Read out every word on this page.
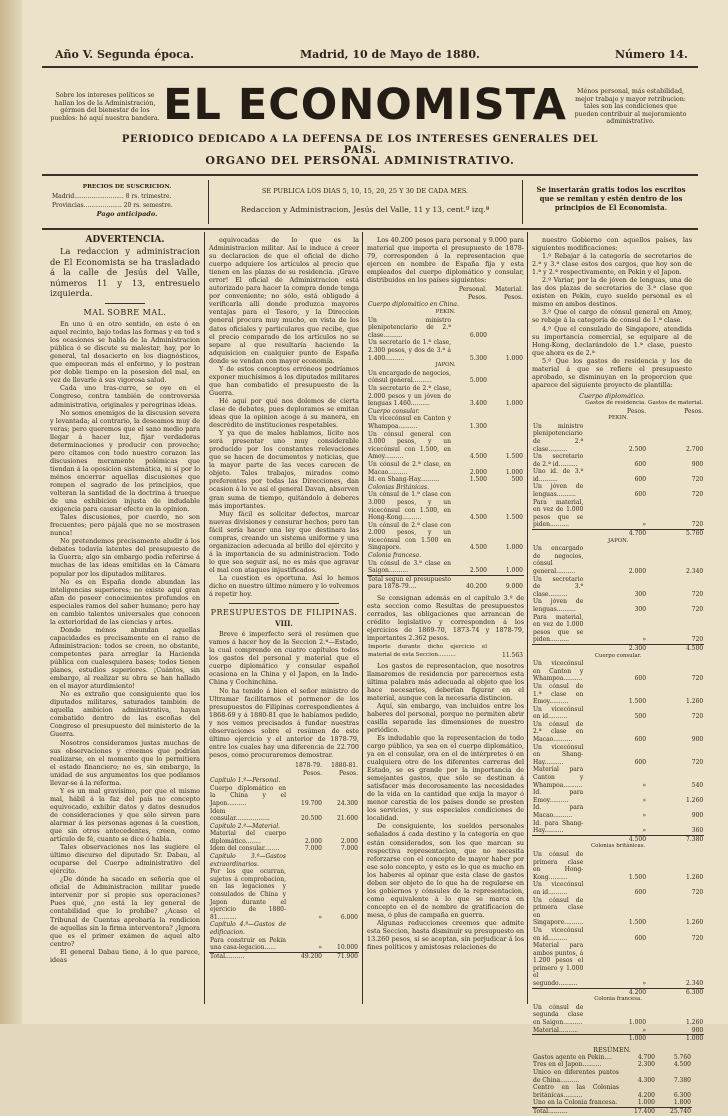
Año V. Segunda época.	Madrid, 10 de Mayo de 1880.	Número 14.
Sobre los intereses políticos se hallan los de la Administración, gérmen del bienestar de los pueblos: hé aquí nuestra bandera.
Ménos personal, más estabilidad, mejor trabajo y mayor retribucion: tales son las condiciones que pueden contribuir al mejoramiento administrativo.
EL ECONOMISTA
PERIODICO DEDICADO A LA DEFENSA DE LOS INTERESES GENERALES DEL PAIS.
ORGANO DEL PERSONAL ADMINISTRATIVO.
PRECIOS DE SUSCRICION.
Madrid.......................... 8 rs. trimestre.
Provincias.................... 20 rs. semestre.
Pago anticipado.
SE PUBLICA LOS DIAS 5, 10, 15, 20, 25 Y 30 DE CADA MES.
Redaccion y Administracion, Jesús del Valle, 11 y 13, cent.º izq.ª
Se insertarán gratis todos los escritos que se remitan y estén dentro de los principios de El Economista.
ADVERTENCIA.
La redaccion y administracion de El Economista se ha trasladado á la calle de Jesús del Valle, números 11 y 13, entresuelo izquierda.
MAL SOBRE MAL.

En uno ú en otro sentido, en este ó en aquel recinto, bajo todas las formas y en tod s los ocasiones se habla de la Administracion pública ó se discute su malestar, hay, por lo general, tal desacierto en los diagnósticos, que empeoran más el enfermo, y lo postran por doble tiempo en la posesion del mal, en vez de llevarle á sus vigorosa salud.

Cada uno tras-curre, se oye en el Congreso, contra también de controversia administrativa, originales y peregrinas ideas.

No somos enemigos de la discusion severa y levantada; al contrario, la deseamos muy de veras; pero queremos que el sano medio para llegar á hacer luz, fijar verdaderas determinaciones y producir con provecho; pero cítamos con todo nuestro corazon las discusiones meramente polémicas que tiendan á la oposicion sistemática, ni sí por lo ménos encerrar aquellas discusiones que rompen el sagrado de los principios, que volteran la santidad de la doctrina á trueque de una exhibicion injusta de indudable exigencia para causar efecto en la opinion.

Tales discusiones, por cuerdo, no son frecuentes; pero pájalá que no se mostrasen nunca!

No pretendemos precisamente aludir á los debates todavía latentes del presupuesto de la Guerra; algo sin embargo podía referirse á muchas de las ideas emitidas en la Cámara popular por los diputados militares.

No es en España donde abundan las inteligencias superiores; no existe aquí gran afan de poseer conocimientos profundos en especiales ramos del saber humano; pero hay en cambio talentos universales que conocen la exterioridad de las ciencias y artes.

Donde ménos abundan aquellas capacidades es precisamente en el ramo de Administracion: todos se creen, no obstante, competentes para arreglar la Hacienda pública con cualesquiera bases; todos tienen planes, estudios superiores. ¡Cuántos, sin embargo, al realizar su obra se han hallado en el mayor aturdimiento!

No es extraño que consiguiente que los diputados militares, saturados también de aquella ambicion administrativa, hayan combatido dentro de las escoñas del Congreso el presupuesto del ministerio de la Guerra.

Nosotros consideramos justas muchas de sus observaciones y creemos que podrían realizarse, en el momento que lo permitiera el estado financiero; no es, sin embargo, la unidad de sus argumentos los que podíamos llevar-se á la reforma.

Y es un mal gravísimo, por que el mismo mal, hábil á la faz del país no concepto equivocado, exhibir datos y datos desnudos de consideraciones y que sólo sirven para alarmar á las personas agenas á la cuestion, que sin otros antecedentes, creen, como artículo de fé, cuanto se dice ó habla.

Tales observaciones nos las sugiere el último discurso del diputado Sr. Dabau, al ocuparse del Cuerpo administrativo del ejército.

¿De dónde ha sacado en señoría que el oficial de Administracion militar puede intervenir por sí propio sus operaciones? Pues qué, ¿no está la ley general de contabilidad que lo prohíbe? ¿Acaso el Tribunal de Cuentas aprobaría la rendicion de aquellas sin la firma interventora? ¿Ignora que es el primer exámen de aquel alto centro?

El general Dabau tiene, á lo que parece, ideas

equivocadas de lo que es la Administracion militar. Así le induce á creer su declaracion de que el oficial de dicho cuerpo adquiere los artículos al precio que tienen en las plazas de su residencia. ¡Grave error! El oficial de Administracion está autorizado para hacer la compra donde tenga por conveniente; no sólo, está obligado á verificarla allí donde produzca mayores ventajas para el Tesoro, y la Direccion general procura muy mucho, en vista de los datos oficiales y particulares que recibe, que el precio comparado de los artículos no se separe al que resultaría haciendo la adquisicion en cualquier punto de España donde se vendan con mayor economía.

Y de estos conceptos erróneos podríamos exponer muchísimos á los diputados militares que han combatido el presupuesto de la Guerra.

Hé aquí por qué nos dolemos de cierta clase de debates, pues deploramos se emitan ideas que la opinion acoge á su manera, en descrédito de instituciones respetables.

Y ya que de males hablamos, lícito nos será presentar uno muy considerable producido por los constantes relevaciones que se hacen de documentos y noticias, que la mayor parte de las veces carecen de objeto. Tales trabajos, mirados como preferentes por todas las Direcciones, dan ocasion á lo ve así el general Davan, absorven gran suma de tiempo, quitándolo á deberes más importantes.

Muy fácil es solicitar defectos, marcar nuevas divisiones y censurar hechos; pero tan fácil sería hacer una ley que destinara las compras, creando un sistema uniforme y una organizacion adecuada al brillo del ejército y á la importancia de su administracion. Todo lo que sea seguir así, no es más que agravar el mal con ataques injustificados.

La cuestion es oportuna. Así lo hemos dicho en nuestro último número y lo volvemos á repetir hoy.

PRESUPUESTOS DE FILIPINAS.
VIII.

Breve é imperfecto será el resúmen que vamos á hacer hoy de la Seccion 2.ª—Estado, la cual comprende en cuatro capítulos todos los gastos del personal y material que el cuerpo diplomático y consular español ocasiona en la China y el Japon, en la Indo-China y Cochinchina.

No ha tenido á bien el señor ministro de Ultramar facilitarnos el pormenor de los presupuestos de Filipinas correspondientes á 1868-69 y á 1880-81 que le habíamos pedido, y nos vemos precisados á fundar nuestras observaciones sobre el resúmen de este último ejercicio y el anterior de 1878-79, entre los cuales hay una diferencia de 22.700 pesos, como procuraremos demostrar.

	1878-79.	1880-81.
	Pesos.	Pesos.
Capítulo 1.º—Personal.		
Cuerpo diplomático en la China y el Japon..........	19.700	24.300
Idem consular..................	20.500	21.600
Capítulo 2.º—Material.		
Material del cuerpo diplomático........	2.000	2.000
Idem del consular........	7.000	7.000
Capítulo 3.º—Gastos extraordinarios.		
Por los que ocurran, sujetos á comprobacion, en las legaciones y consulados de China y Japon durante el ejercicio de 1880-81..........	»	6.000
Capítulo 4.º—Gastos de edificacion.		
Para construir en Pekin una casa-legacion......	»	10.000
Total..........	49.200	71.900

Los 40.200 pesos para personal y 9.000 para material que importa el presupuesto de 1878-79, corresponden á la representacion que ejercen en nombre de España fija y esta empleados del cuerpo diplomático y consular, distribuidos en los países siguientes:

	Personal.	Material.
	Pesos.	Pesos.
Cuerpo diplomático en China.		
PEKIN.		
Un ministro plenipotenciario de 2.ª clase..........	6.000	
Un secretario de 1.ª clase, 2.300 pesos, y dos de 3.ª á 1.400..........	5.300	1.000
JAPON.		
Un encargado de negocios, cónsul general..........	5.000	
Un secretario de 2.ª clase, 2.000 pesos y un jóven de lenguas 1.460..........	3.400	1.000
Cuerpo consular.		
Un vicecónsul en Canton y Whampoa..........	1.300	
Un cónsul general con 3.000 pesos, y un vicecónsul con 1.500, en Amoy..........	4.500	1.500
Un cónsul de 2.ª clase, en Macao..........	2.000	1.000
Id. en Shang-Hay..........	1.500	500
Colonias Británicas.		
Un cónsul de 1.ª clase con 3.000 pesos, y un vicecónsul con 1.500, en Hong-Kong..........	4.500	1.500
Un cónsul de 2.ª clase con 2.000 pesos, y un vicecónsul con 1.500 en Singapore.	4.500	1.000
Colonia francesa.		
Un cónsul de 3.ª clase en Saigon..........	2.500	1.000
Total segun el presupuesto para 1878-79....	40.200	9.000

Se consignan además en el capítulo 3.º de esta seccion como Resultas de presupuestos cerrados, las obligaciones que arrancan de crédito legislativo y corresponden á los ejercicios de 1869-70, 1873-74 y 1878-79, importantes 2.362 pesos.

Importe durante dicho ejercicio el material de esta Seccion..........	11.563

Los gastos de representacion, que nosotros llamaremos de residencia por parecernos esta última palabra más adecuada al objeto que los hace necesarios, deberían figurar en el material, aunque con la necesaria distincion.

Aquí, sin embargo, van incluidos entre los haberes del personal, porque no permiten abrir casilla separada las dimensiones de nuestro periódico.

Es indudable que la representacion de todo cargo público, ya sea en el cuerpo diplomático, ya en el consular, ora en el de intérpretes ó en cualquiera otro de los diferentes carreras del Estado, se es grande por la importancia de semejantes gastos, que sólo se destinan á satisfacer más decorosamente las necesidades de la vida en la cantidad que exija la mayor ó menor carestía de los países donde se presten los servicios, y sus especiales condiciones de localidad.

De consiguiente, los sueldos personales señalados á cada destino y la categoría en que están considerados, son los que marcan su respectiva representacion, que no necesita reforzarse con el concepto de mayor haber por ese solo concepto, y esto es lo que es mucho en los haberes al opinar que esta clase de gastos deben ser objeto de lo que ha de regularse en los gobiernos y cónsules de la representacion, como equivalente á lo que se marca en concepto en el de nombre de gratificacion de mesa, ó plus de campaña en guerra.

Algunas reducciones creemos que admite esta Seccion, hasta disminuir su presupuesto en 13.260 pesos, si se aceptan, sin perjudicar á los fines políticos y amistosas relaciones de

nuestro Gobierno con aquellos países, las siguientes modificaciones:

1.º Rebajar á la categoría de secretarios de 2.ª y 3.ª clase estos dos cargos, que hoy son de 1.ª y 2.ª respectivamente, en Pekin y el Japon.

2.º Variar, por la de jóven de lenguas, una de las dos plazas de secretarios de 3.ª clase que existen en Pekin, cuyo sueldo personal es el mismo en ambos destinos.

3.º Que el cargo de cónsul general en Amoy, se rebaje á la categoría de cónsul de 1.ª clase.

4.º Que el consulado de Singapore, atendida su importancia comercial, se equipare al de Hong-Kong, declarándolo de 1.ª clase, puesto que ahora es de 2.ª

5.º Que los gastos de residencia y los de material á que se refiere el presupuesto aprobado, se disminuyan en la proporcion que aparece del siguiente proyecto de plantilla:

Cuerpo diplomático.
	Gastos de residencia.	Gastos de material.
	Pesos.	Pesos.
PEKIN.		
Un ministro plenipotenciario de 2.ª clase..........	2.500	2.700
Un secretario de 2.ª id..........	600	900
Uno id. de 3.ª id..........	600	720
Un jóven de lenguas..........	600	720
Para material, en vez de 1.000 pesos que se piden..........	»	720
	4.700	5.760
JAPON.		
Un encargado de negocios, cónsul general..........	2.000	2.340
Un secretario de 3.ª clase..........	300	720
Un jóven de lenguas..........	300	720
Para material, en vez de 1.000 pesos que se piden..........	»	720
	2.300	4.500
Cuerpo consular.		
Un vicecónsul en Canton y Whampoa..........	600	720
Un cónsul de 1.ª clase en Emoy..........	1.500	1.260
Un vicecónsul en id..........	500	720
Un cónsul de 2.ª clase en Macao..........	600	900
Un vicecónsul en Shang-Hay..........	600	720
Material para Canton y Whampoa..........	»	540
Id. para Emoy..........	»	1.260
Id. para Macao..........	»	900
Id. para Shang-Hay..........	»	360
	4.500	7.380
Colonias británicas.		
Un cónsul de primera clase en Hong-Kong..........	1.500	1.260
Un vicecónsul en id..........	600	720
Un cónsul de primera clase en Singapore..........	1.500	1.260
Un vicecónsul en id..........	600	720
Material para ambos puntos, á 1.200 pesos el primero y 1.000 el segundo..........	»	2.340
	4.200	6.300
Colonia francesa.		
Un cónsul de segunda clase en Saigon..........	1.000	1.260
Material..........	»	900
	1.000	1.000
RESÚMEN.
Gastos agente en Pekin....	4.700	5.760
Tres en el Japon..........	2.300	4.500
Unico en diferentes puntos de China..........	4.300	7.380
Centro en las Colonias británicas..........	4.200	6.300
Uno en la Colonia francesa.	1.000	1.800
Total..........	17.400	25.740
